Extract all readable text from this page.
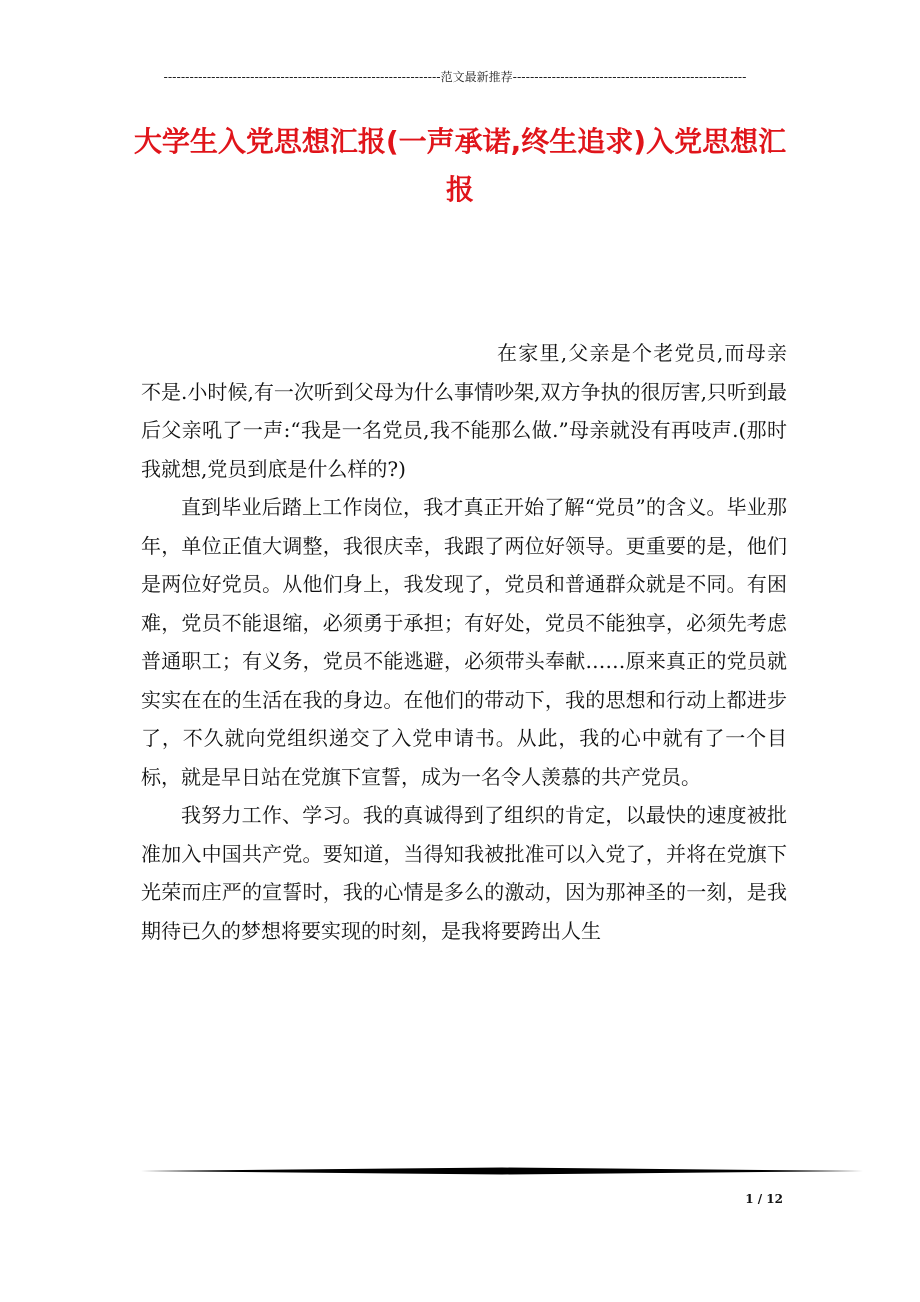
----------------------------------------------------------------范文最新推荐------------------------------------------------------
大学生入党思想汇报(一声承诺,终生追求)入党思想汇报

在家里,父亲是个老党员,而母亲不是.小时候,有一次听到父母为什么事情吵架,双方争执的很厉害,只听到最后父亲吼了一声:“我是一名党员,我不能那么做.”母亲就没有再吱声.(那时我就想,党员到底是什么样的?)

直到毕业后踏上工作岗位，我才真正开始了解“党员”的含义。毕业那年，单位正值大调整，我很庆幸，我跟了两位好领导。更重要的是，他们是两位好党员。从他们身上，我发现了，党员和普通群众就是不同。有困难，党员不能退缩，必须勇于承担；有好处，党员不能独享，必须先考虑普通职工；有义务，党员不能逃避，必须带头奉献……原来真正的党员就实实在在的生活在我的身边。在他们的带动下，我的思想和行动上都进步了，不久就向党组织递交了入党申请书。从此，我的心中就有了一个目标，就是早日站在党旗下宣誓，成为一名令人羡慕的共产党员。

我努力工作、学习。我的真诚得到了组织的肯定，以最快的速度被批准加入中国共产党。要知道，当得知我被批准可以入党了，并将在党旗下光荣而庄严的宣誓时，我的心情是多么的激动，因为那神圣的一刻，是我期待已久的梦想将要实现的时刻，是我将要跨出人生

1 / 12
